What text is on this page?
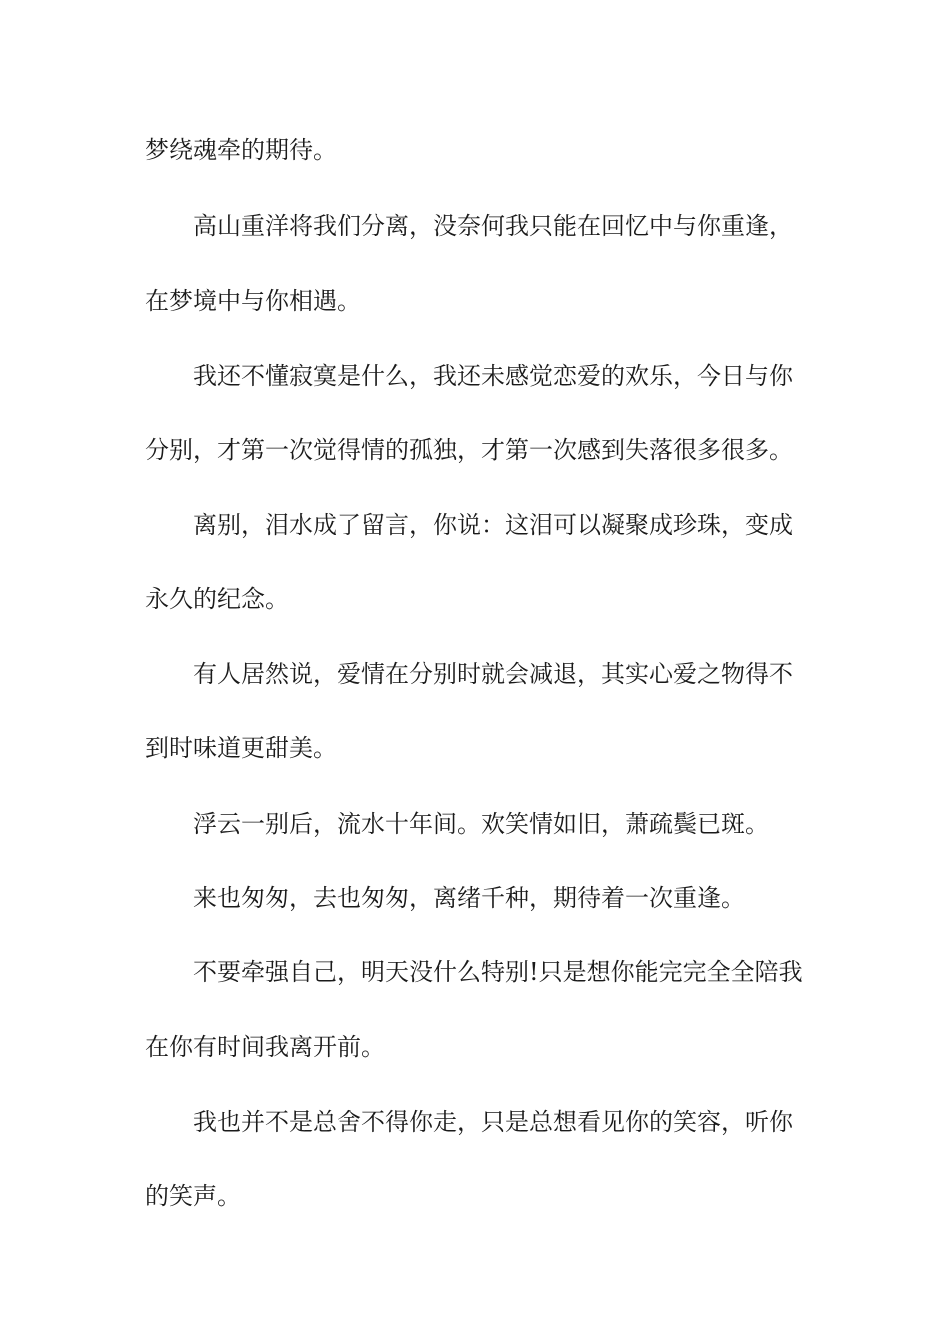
梦绕魂牵的期待。
高山重洋将我们分离，没奈何我只能在回忆中与你重逢，
在梦境中与你相遇。
我还不懂寂寞是什么，我还未感觉恋爱的欢乐，今日与你
分别，才第一次觉得情的孤独，才第一次感到失落很多很多。
离别，泪水成了留言，你说：这泪可以凝聚成珍珠，变成
永久的纪念。
有人居然说，爱情在分别时就会减退，其实心爱之物得不
到时味道更甜美。
浮云一别后，流水十年间。欢笑情如旧，萧疏鬓已斑。
来也匆匆，去也匆匆，离绪千种，期待着一次重逢。
不要牵强自己，明天没什么特别!只是想你能完完全全陪我
在你有时间我离开前。
我也并不是总舍不得你走，只是总想看见你的笑容，听你
的笑声。
